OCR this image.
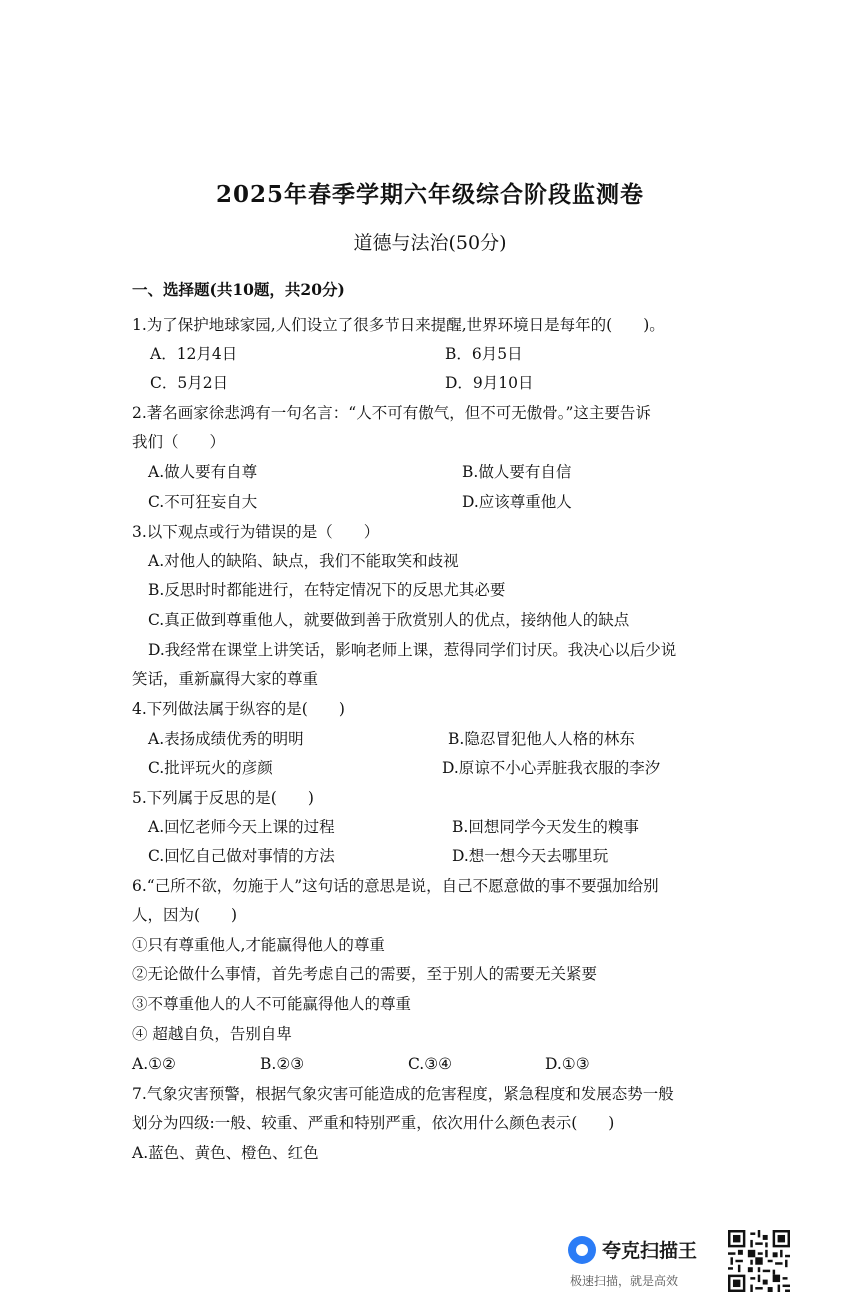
2025年春季学期六年级综合阶段监测卷
道德与法治(50分)
一、选择题(共10题，共20分)
1.为了保护地球家园,人们设立了很多节日来提醒,世界环境日是每年的(　　)。
A．12月4日	B．6月5日
C．5月2日	D．9月10日
2.著名画家徐悲鸿有一句名言：“人不可有傲气，但不可无傲骨。”这主要告诉
我们（　　）
A.做人要有自尊	B.做人要有自信
C.不可狂妄自大	D.应该尊重他人
3.以下观点或行为错误的是（　　）
A.对他人的缺陷、缺点，我们不能取笑和歧视
B.反思时时都能进行，在特定情况下的反思尤其必要
C.真正做到尊重他人，就要做到善于欣赏别人的优点，接纳他人的缺点
D.我经常在课堂上讲笑话，影响老师上课，惹得同学们讨厌。我决心以后少说
笑话，重新赢得大家的尊重
4.下列做法属于纵容的是(　　)
A.表扬成绩优秀的明明	B.隐忍冒犯他人人格的林东
C.批评玩火的彦颜	D.原谅不小心弄脏我衣服的李汐
5.下列属于反思的是(　　)
A.回忆老师今天上课的过程	B.回想同学今天发生的糗事
C.回忆自己做对事情的方法	D.想一想今天去哪里玩
6.“己所不欲，勿施于人”这句话的意思是说，自己不愿意做的事不要强加给别
人，因为(　　)
①只有尊重他人,才能赢得他人的尊重
②无论做什么事情，首先考虑自己的需要，至于别人的需要无关紧要
③不尊重他人的人不可能赢得他人的尊重
④ 超越自负，告别自卑
A.①②	B.②③	C.③④	D.①③
7.气象灾害预警，根据气象灾害可能造成的危害程度，紧急程度和发展态势一般
划分为四级:一般、较重、严重和特别严重，依次用什么颜色表示(　　)
A.蓝色、黄色、橙色、红色
夸克扫描王
极速扫描，就是高效
